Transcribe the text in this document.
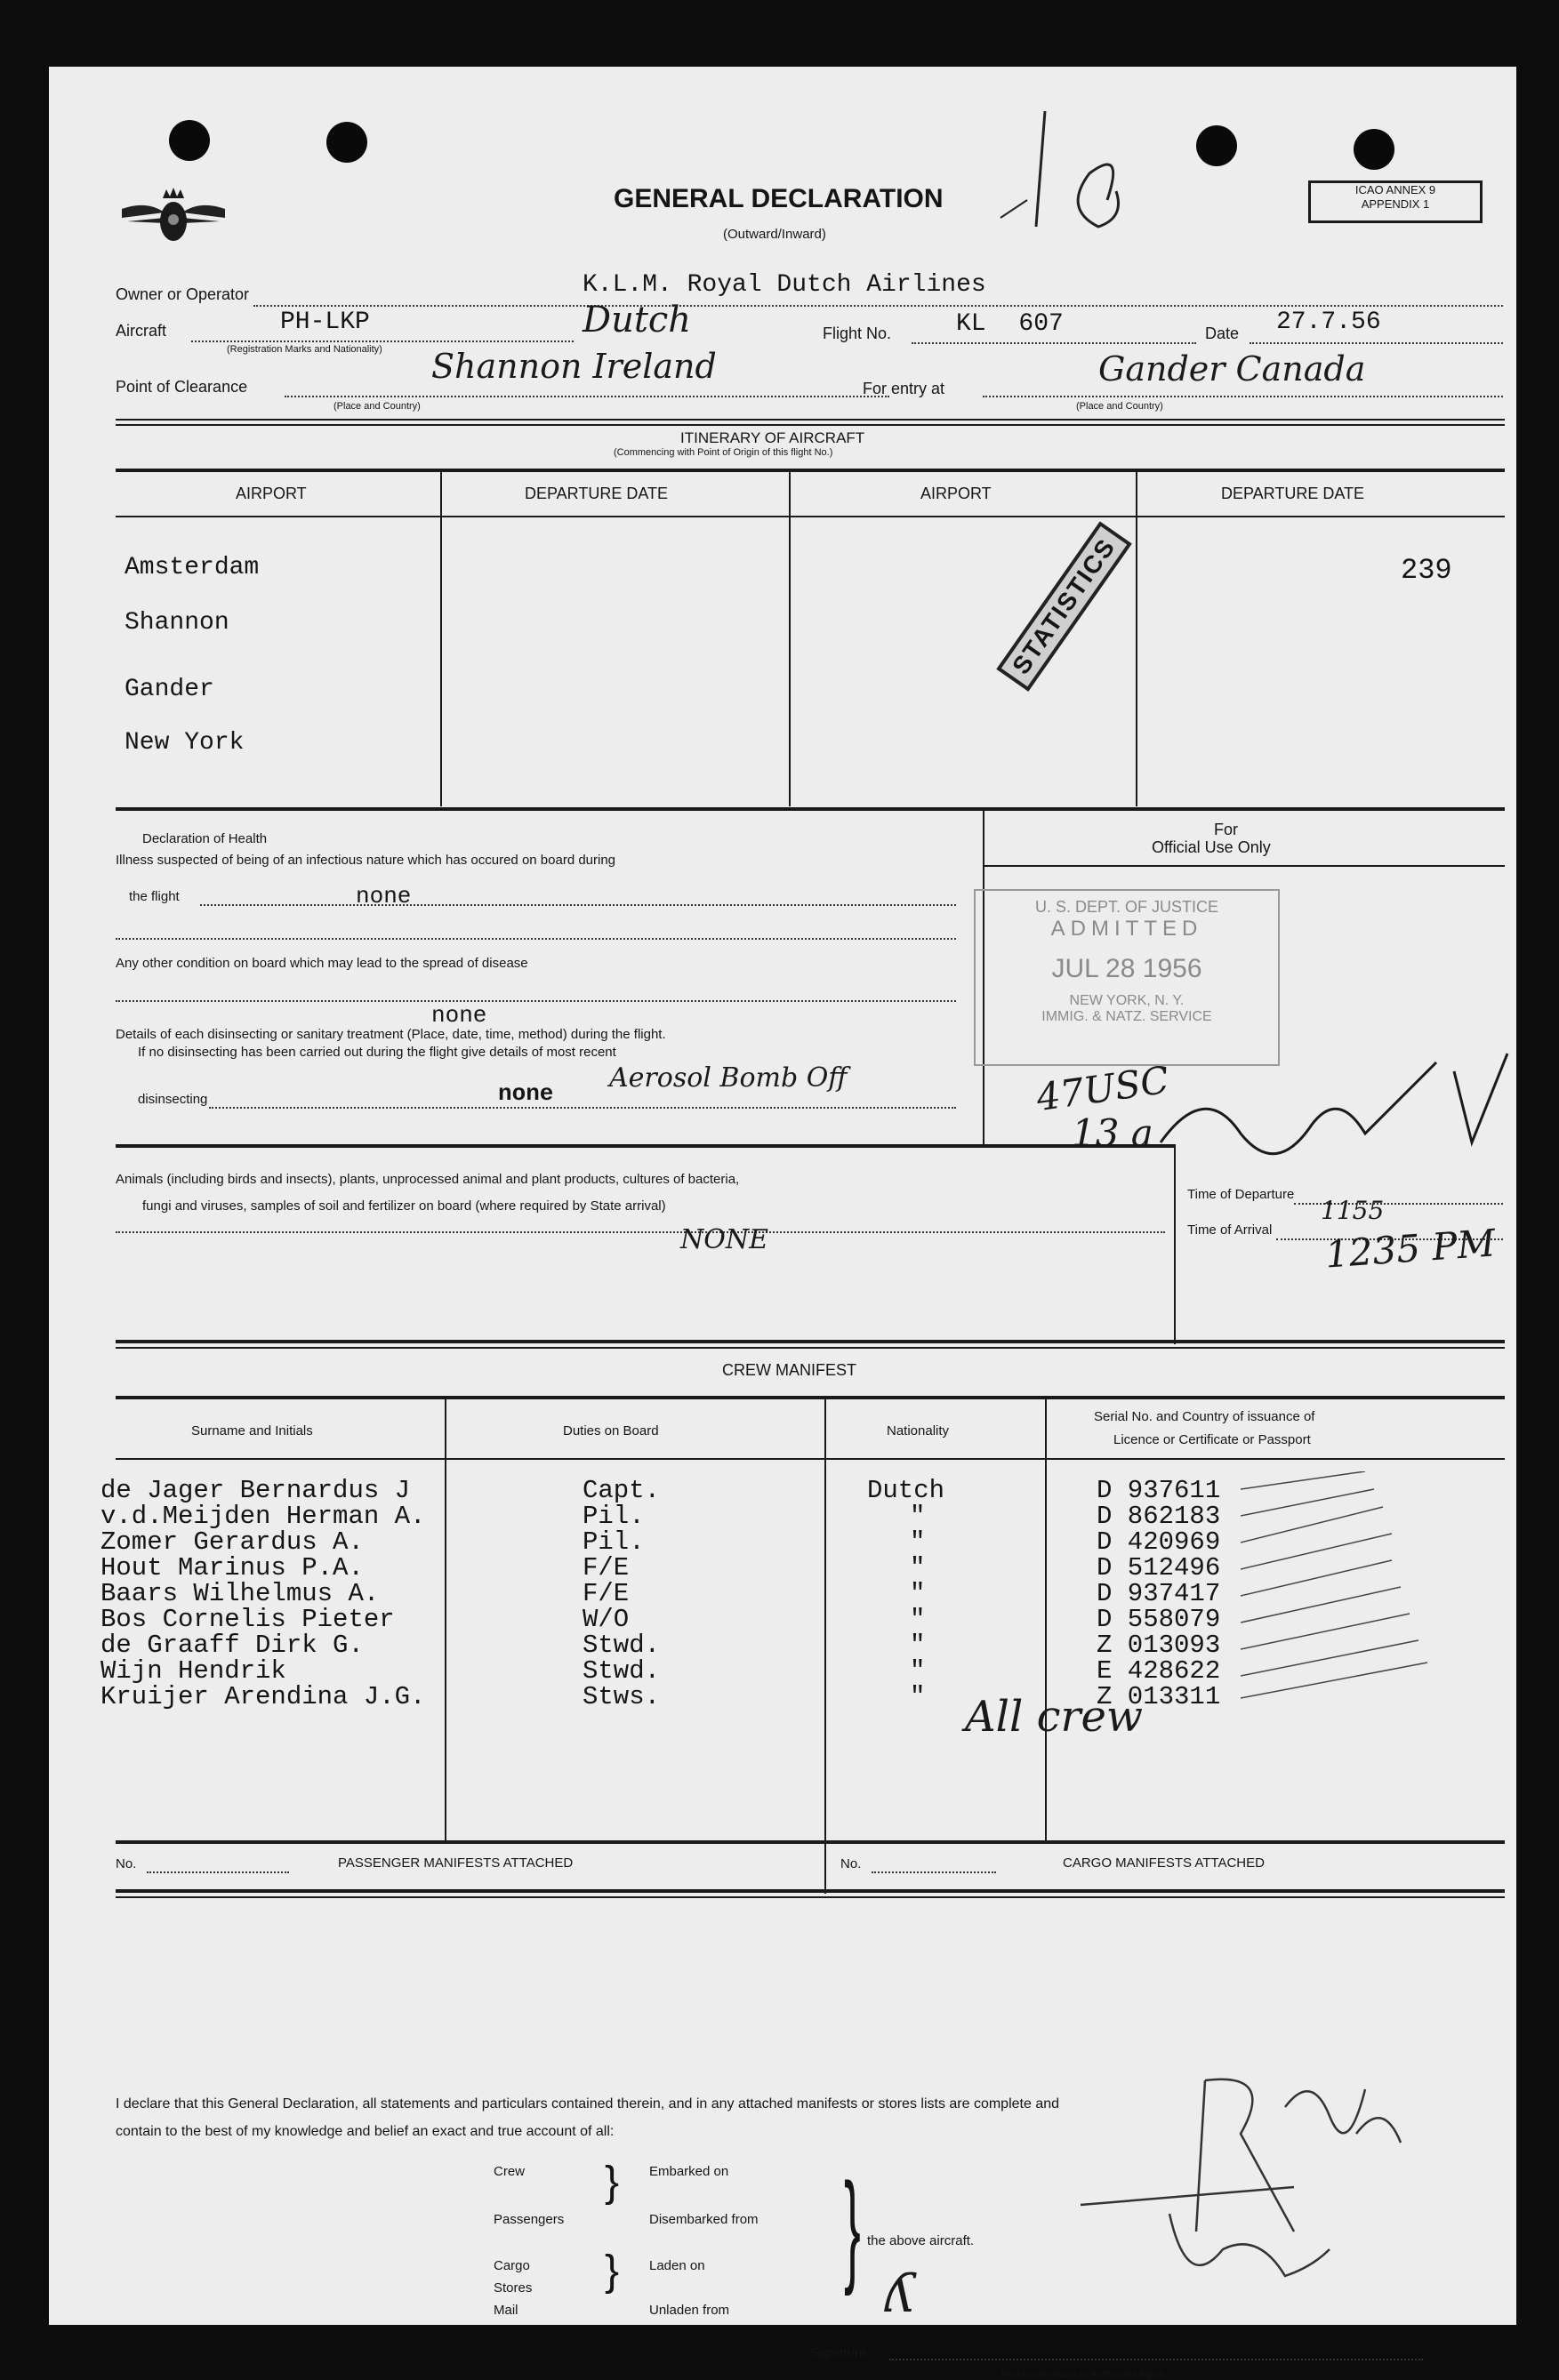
GENERAL DECLARATION
(Outward/Inward)
ICAO ANNEX 9
APPENDIX 1
Owner or Operator	K.L.M. Royal Dutch Airlines
Aircraft	PH-LKP	Dutch
(Registration Marks and Nationality)
Flight No.	KL 607	Date 27.7.56
Point of Clearance
Shannon Ireland
(Place and Country)
For entry at	Gander Canada
(Place and Country)
ITINERARY OF AIRCRAFT
(Commencing with Point of Origin of this flight No.)
AIRPORT	DEPARTURE DATE	AIRPORT	DEPARTURE DATE
Amsterdam
Shannon
Gander
New York
239
STATISTICS
Declaration of Health
Illness suspected of being of an infectious nature which has occured on board during
the flight	none
Any other condition on board which may lead to the spread of disease
none
Details of each disinsecting or sanitary treatment (Place, date, time, method) during the flight.
If no disinsecting has been carried out during the flight give details of most recent
disinsecting	none Aerosol Bomb Off
For
Official Use Only
U. S. DEPT. OF JUSTICE
ADMITTED
JUL 28 1956
NEW YORK, N. Y.
IMMIG. & NATZ. SERVICE
47USC
13 a
Time of Departure
Time of Arrival
1155
1235 PM
Animals (including birds and insects), plants, unprocessed animal and plant products, cultures of bacteria,
fungi and viruses, samples of soil and fertilizer on board (where required by State arrival)
NONE
CREW MANIFEST
Surname and Initials	Duties on Board	Nationality
Serial No. and Country of issuance of
Licence or Certificate or Passport
de Jager Bernardus J	Capt.	Dutch	D 937611
v.d.Meijden Herman A.	Pil.	"	D 862183
Zomer Gerardus A.	Pil.	"	D 420969
Hout Marinus P.A.	F/E	"	D 512496
Baars Wilhelmus A.	F/E	"	D 937417
Bos Cornelis Pieter	W/O	"	D 558079
de Graaff Dirk G.	Stwd.	"	Z 013093
Wijn Hendrik	Stwd.	"	E 428622
Kruijer Arendina J.G.	Stws.	"	Z 013311
All crew
No.	PASSENGER MANIFESTS ATTACHED	No.	CARGO MANIFESTS ATTACHED
I declare that this General Declaration, all statements and particulars contained therein, and in any attached manifests or stores lists are complete and
contain to the best of my knowledge and belief an exact and true account of all:
Crew
Passengers
Cargo
Stores
Mail
}
}
Embarked on
Disembarked from
Laden on
Unladen from
} the above aircraft.
ʎ
Signature
Pilot-in-command or Authorized Agent
